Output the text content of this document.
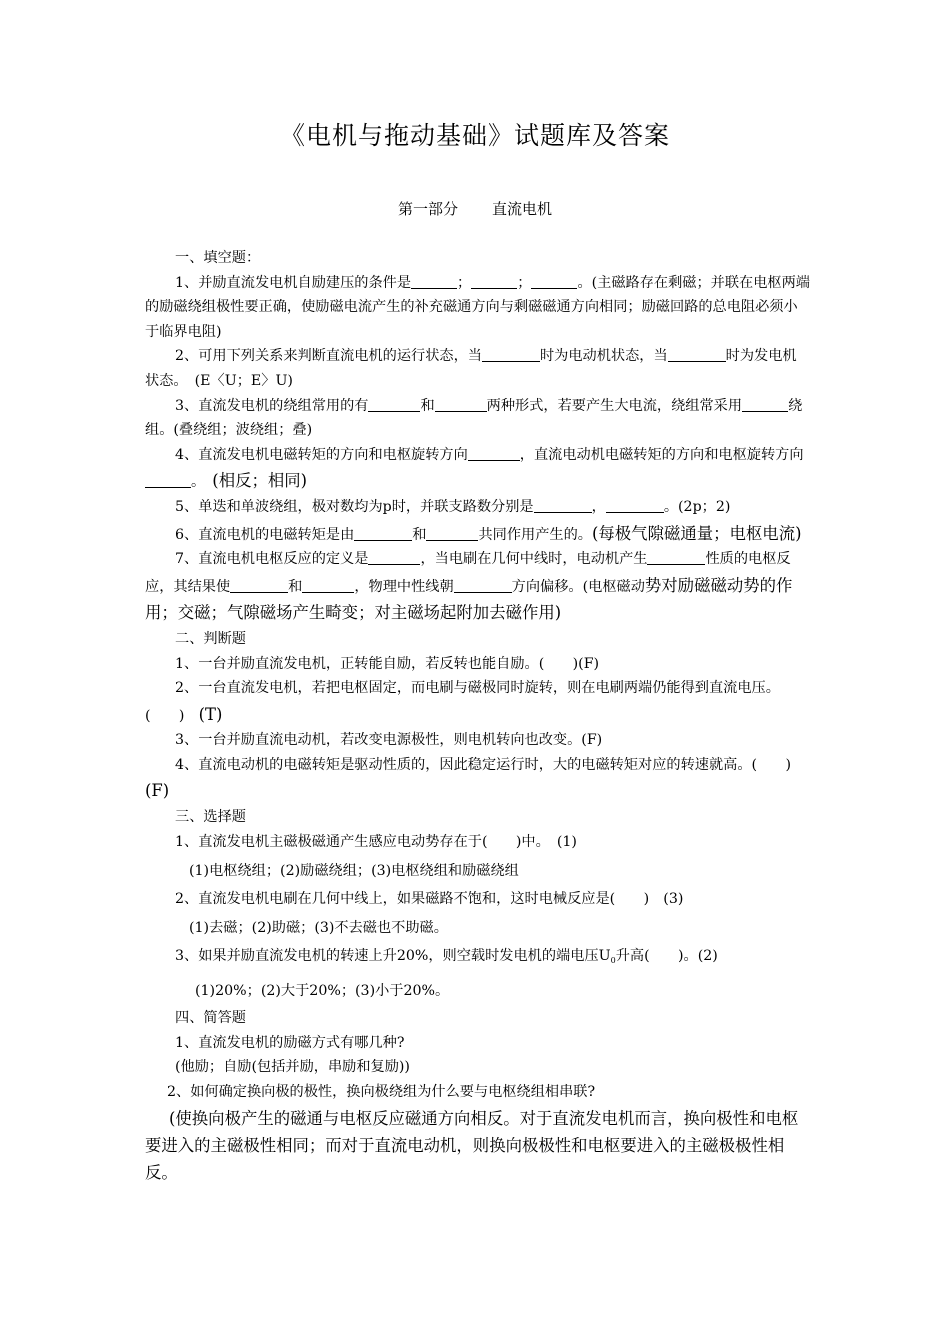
《电机与拖动基础》试题库及答案
第一部分 直流电机

一、填空题：

1、并励直流发电机自励建压的条件是	；	；	。(主磁路存在剩磁；并联在电枢两端的励磁绕组极性要正确，使励磁电流产生的补充磁通方向与剩磁磁通方向相同；励磁回路的总电阻必须小于临界电阻)

2、可用下列关系来判断直流电机的运行状态，当	时为电动机状态，当	时为发电机状态。　(E〈U；E〉U)

3、直流发电机的绕组常用的有	和	两种形式，若要产生大电流，绕组常采用	绕组。(叠绕组；波绕组；叠)

4、直流发电机电磁转矩的方向和电枢旋转方向	，直流电动机电磁转矩的方向和电枢旋转方向。　 (相反；相同)

5、单迭和单波绕组，极对数均为p时，并联支路数分别是	，	。(2p；2)

6、直流电机的电磁转矩是由	和	共同作用产生的。(每极气隙磁通量；电枢电流)

7、直流电机电枢反应的定义是	，当电刷在几何中线时，电动机产生	性质的电枢反应，其结果使	和	，物理中性线朝	方向偏移。(电枢磁动势对励磁磁动势的作用；交磁；气隙磁场产生畸变；对主磁场起附加去磁作用)

二、判断题

1、一台并励直流发电机，正转能自励，若反转也能自励。(　　)(F)

2、一台直流发电机，若把电枢固定，而电刷与磁极同时旋转，则在电刷两端仍能得到直流电压。(　　)　 (T)

3、一台并励直流电动机，若改变电源极性，则电机转向也改变。(F)

4、直流电动机的电磁转矩是驱动性质的，因此稳定运行时，大的电磁转矩对应的转速就高。(　　)　(F)

三、选择题

1、直流发电机主磁极磁通产生感应电动势存在于(　　)中。　(1)

(1)电枢绕组；(2)励磁绕组；(3)电枢绕组和励磁绕组

2、直流发电机电刷在几何中线上，如果磁路不饱和，这时电械反应是(　　)　(3)

(1)去磁；(2)助磁；(3)不去磁也不助磁。

3、如果并励直流发电机的转速上升20%，则空载时发电机的端电压$U_0$升高(　　)。(2)

(1)20%；(2)大于20%；(3)小于20%。

四、简答题

1、直流发电机的励磁方式有哪几种?

(他励；自励(包括并励，串励和复励))

2、如何确定换向极的极性，换向极绕组为什么要与电枢绕组相串联?

(使换向极产生的磁通与电枢反应磁通方向相反。对于直流发电机而言，换向极性和电枢要进入的主磁极性相同；而对于直流电动机，则换向极极性和电枢要进入的主磁极极性相反。
